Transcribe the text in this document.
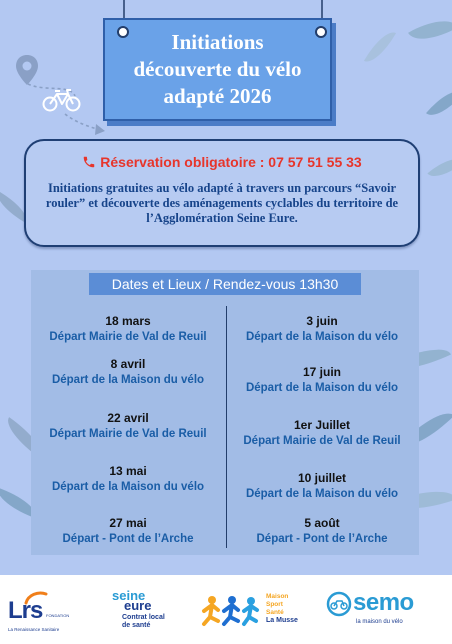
Initiations
découverte du vélo
adapté 2026
Réservation obligatoire : 07 57 51 55 33
Initiations gratuites au vélo adapté à travers un parcours “Savoir rouler” et découverte des aménagements cyclables du territoire de l’Agglomération Seine Eure.
Dates et Lieux / Rendez-vous 13h30
18 mars
Départ Mairie de Val de Reuil
8 avril
Départ de la Maison du vélo
22 avril
Départ Mairie de Val de Reuil
13 mai
Départ de la Maison du vélo
27 mai
Départ - Pont de l’Arche
3 juin
Départ de la Maison du vélo
17 juin
Départ de la Maison du vélo
1er Juillet
Départ Mairie de Val de Reuil
10 juillet
Départ de la Maison du vélo
5 août
Départ - Pont de l’Arche
Lrs FONDATION
La Renaissance Sanitaire
seine
eure
Contrat local
de santé
Maison
Sport
Santé
La Musse
semo
la maison du vélo
